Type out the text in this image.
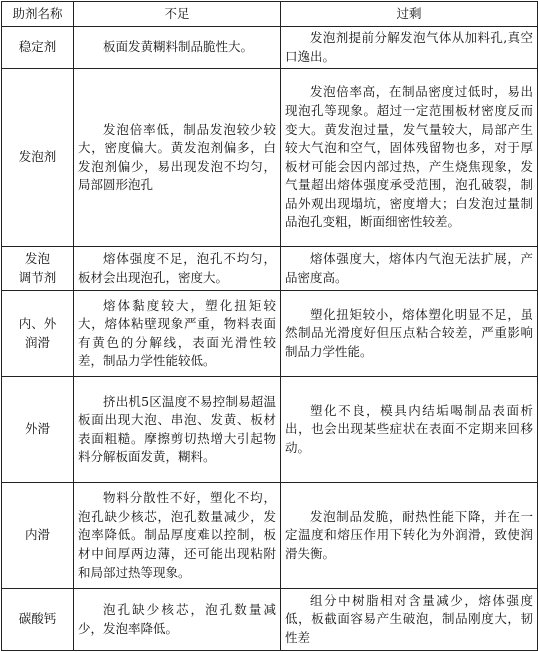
助剂名称	不足	过剩

稳定剂	板面发黄糊料制品脆性大。	发泡剂提前分解发泡气体从加料孔,真空口逸出。

发泡剂	发泡倍率低，制品发泡较少较大，密度偏大。黄发泡剂偏多，白发泡剂偏少，易出现发泡不均匀，局部圆形泡孔	发泡倍率高，在制品密度过低时，易出现泡孔等现象。超过一定范围板材密度反而变大。黄发泡过量，发气量较大，局部产生较大气泡和空气，固体残留物也多，对于厚板材可能会因内部过热，产生烧焦现象，发气量超出熔体强度承受范围，泡孔破裂，制品外观出现塌坑，密度增大；白发泡过量制品泡孔变粗，断面细密性较差。

发泡
调节剂	熔体强度不足，泡孔不均匀，板材会出现泡孔，密度大。	熔体强度大，熔体内气泡无法扩展，产品密度高。

内、外
润滑	熔体黏度较大，塑化扭矩较大，熔体粘壁现象严重，物料表面有黄色的分解线，表面光滑性较差，制品力学性能较低。	塑化扭矩较小，熔体塑化明显不足，虽然制品光滑度好但压点粘合较差，严重影响制品力学性能。

外滑	挤出机5区温度不易控制易超温板面出现大泡、串泡、发黄、板材表面粗糙。摩擦剪切热增大引起物料分解板面发黄，糊料。	塑化不良，模具内结垢喝制品表面析出，也会出现某些症状在表面不定期来回移动。

内滑	物料分散性不好，塑化不均，泡孔缺少核芯，泡孔数量减少，发泡率降低。制品厚度难以控制，板材中间厚两边薄，还可能出现粘附和局部过热等现象。	发泡制品发脆，耐热性能下降，并在一定温度和熔压作用下转化为外润滑，致使润滑失衡。

碳酸钙	泡孔缺少核芯，泡孔数量减少，发泡率降低。	组分中树脂相对含量减少，熔体强度低，板截面容易产生破泡，制品刚度大，韧性差
